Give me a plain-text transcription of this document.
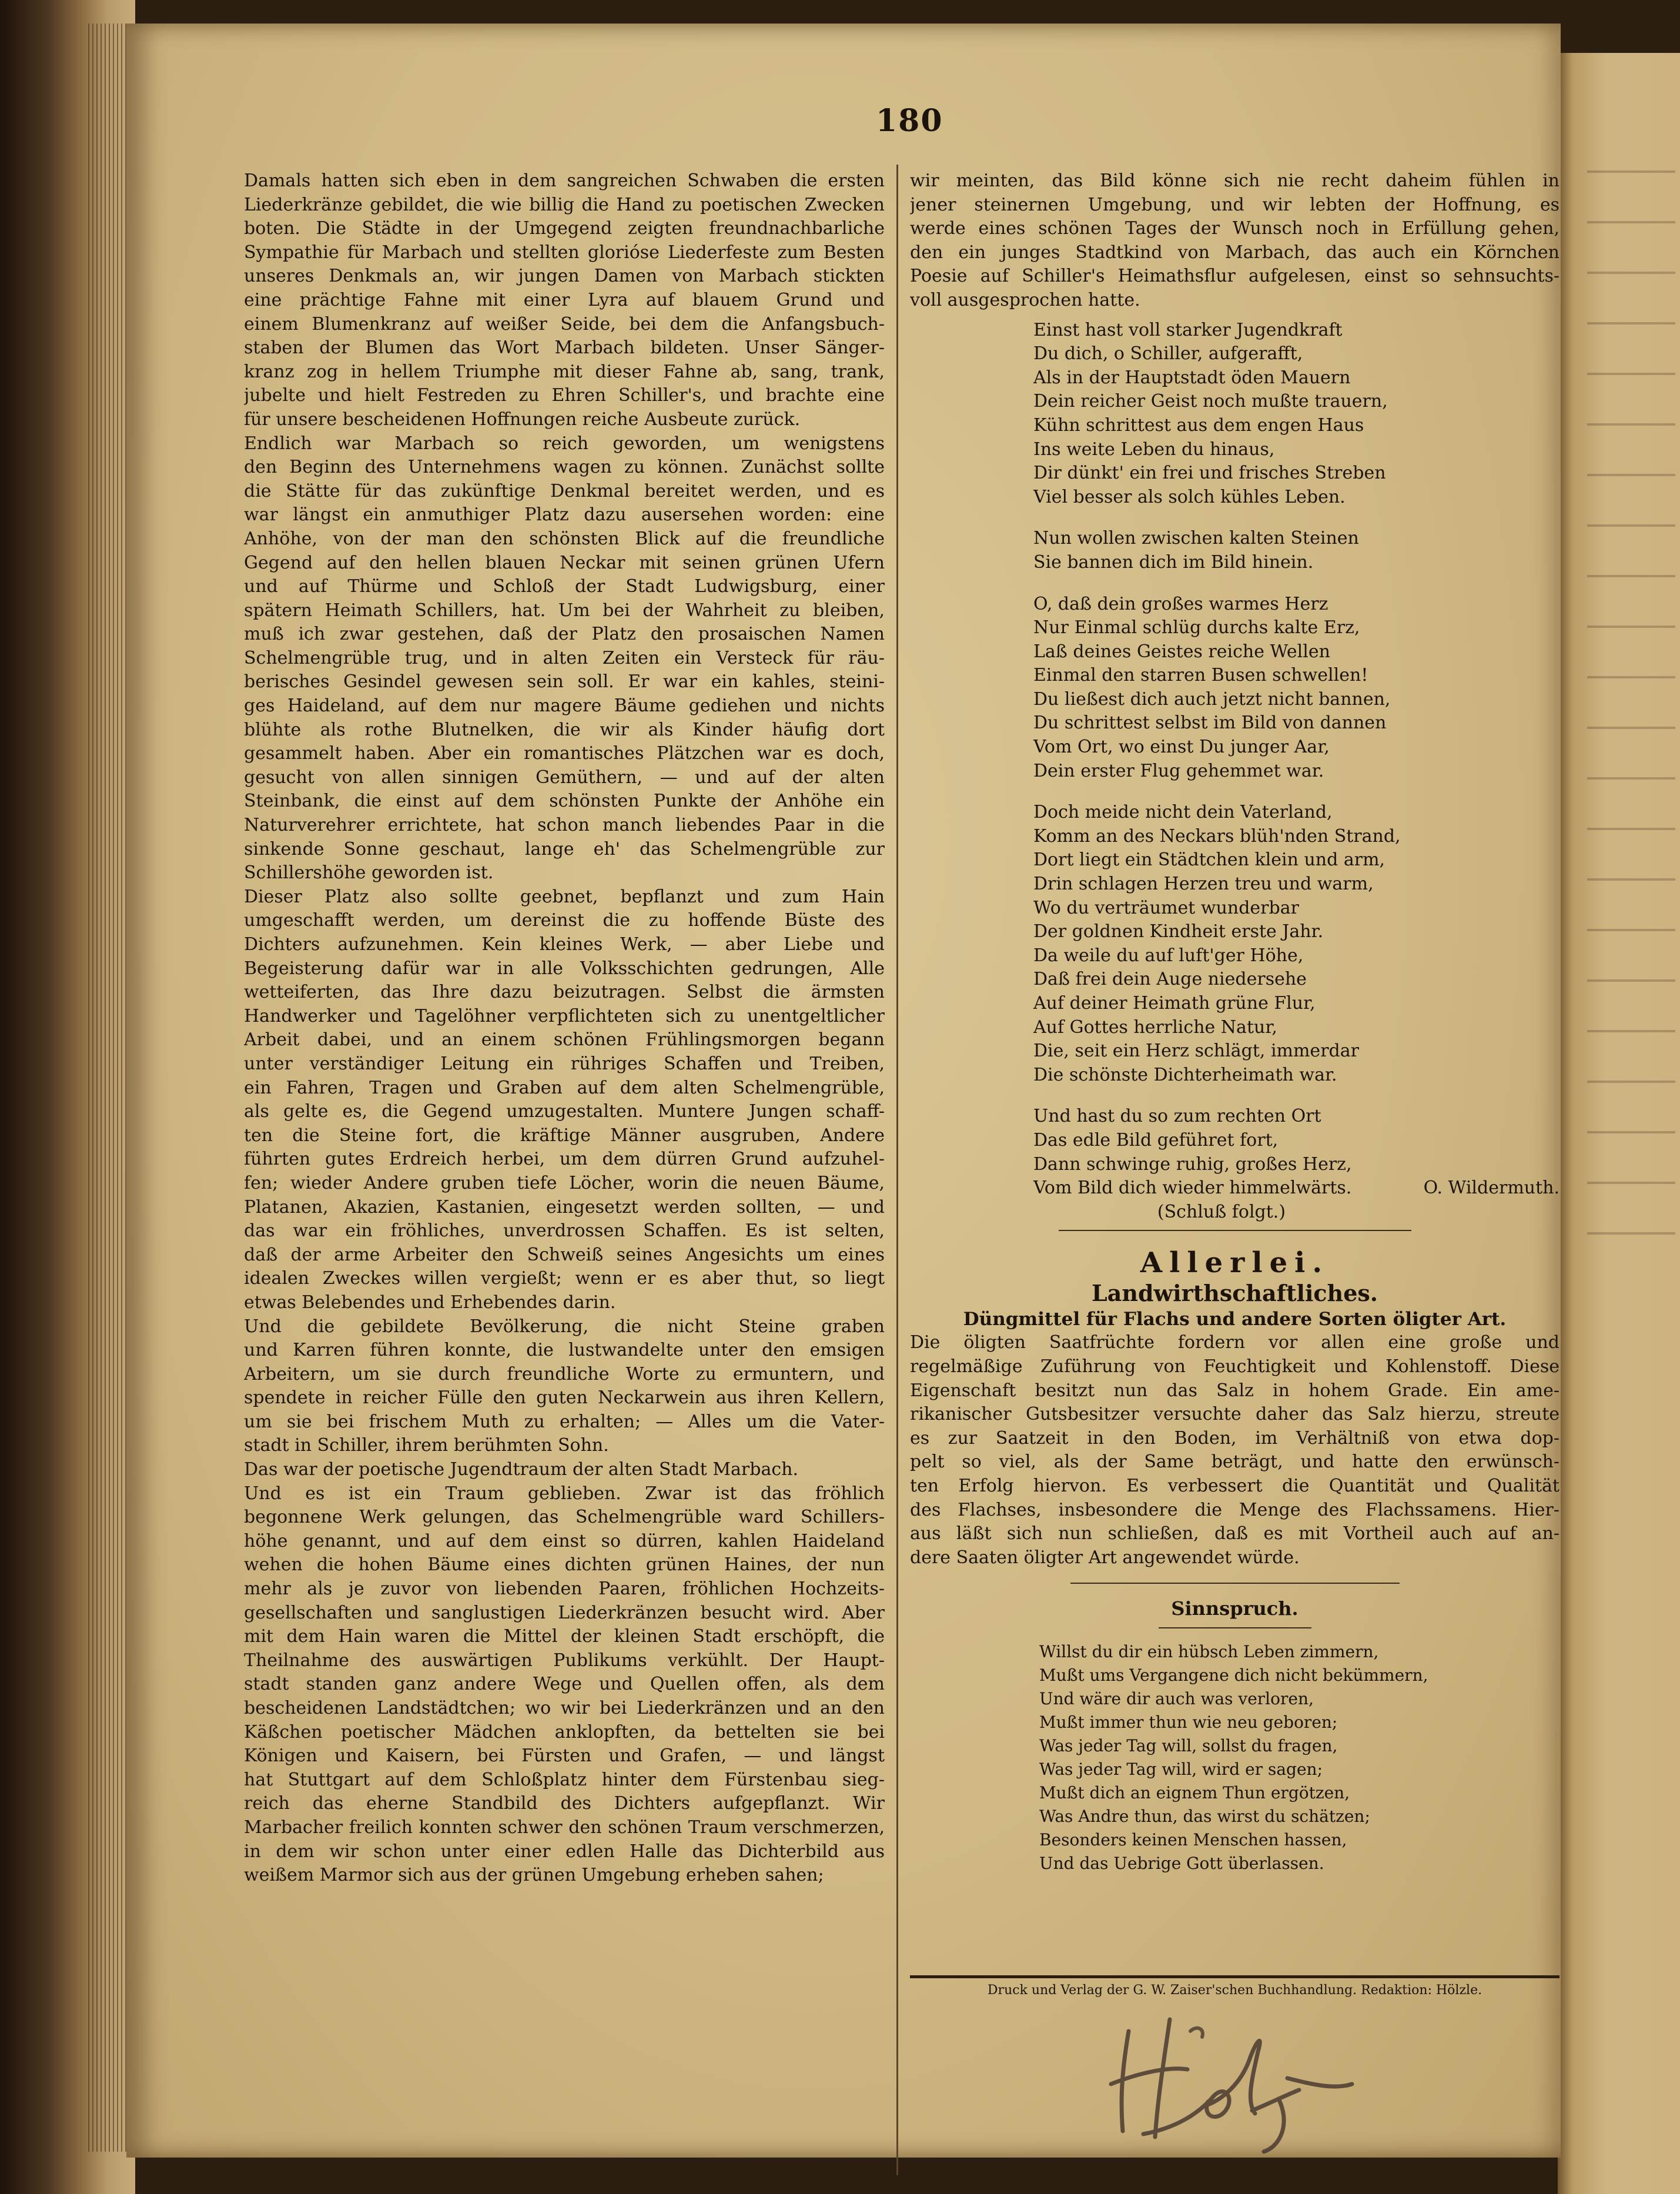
180
Damals hatten sich eben in dem sangreichen Schwaben die ersten
Liederkränze gebildet, die wie billig die Hand zu poetischen Zwecken
boten. Die Städte in der Umgegend zeigten freundnachbarliche
Sympathie für Marbach und stellten glorióse Liederfeste zum Besten
unseres Denkmals an, wir jungen Damen von Marbach stickten
eine prächtige Fahne mit einer Lyra auf blauem Grund und
einem Blumenkranz auf weißer Seide, bei dem die Anfangsbuch-
staben der Blumen das Wort Marbach bildeten. Unser Sänger-
kranz zog in hellem Triumphe mit dieser Fahne ab, sang, trank,
jubelte und hielt Festreden zu Ehren Schiller's, und brachte eine
für unsere bescheidenen Hoffnungen reiche Ausbeute zurück.
Endlich war Marbach so reich geworden, um wenigstens
den Beginn des Unternehmens wagen zu können. Zunächst sollte
die Stätte für das zukünftige Denkmal bereitet werden, und es
war längst ein anmuthiger Platz dazu ausersehen worden: eine
Anhöhe, von der man den schönsten Blick auf die freundliche
Gegend auf den hellen blauen Neckar mit seinen grünen Ufern
und auf Thürme und Schloß der Stadt Ludwigsburg, einer
spätern Heimath Schillers, hat. Um bei der Wahrheit zu bleiben,
muß ich zwar gestehen, daß der Platz den prosaischen Namen
Schelmengrüble trug, und in alten Zeiten ein Versteck für räu-
berisches Gesindel gewesen sein soll. Er war ein kahles, steini-
ges Haideland, auf dem nur magere Bäume gediehen und nichts
blühte als rothe Blutnelken, die wir als Kinder häufig dort
gesammelt haben. Aber ein romantisches Plätzchen war es doch,
gesucht von allen sinnigen Gemüthern, — und auf der alten
Steinbank, die einst auf dem schönsten Punkte der Anhöhe ein
Naturverehrer errichtete, hat schon manch liebendes Paar in die
sinkende Sonne geschaut, lange eh' das Schelmengrüble zur
Schillershöhe geworden ist.
Dieser Platz also sollte geebnet, bepflanzt und zum Hain
umgeschafft werden, um dereinst die zu hoffende Büste des
Dichters aufzunehmen. Kein kleines Werk, — aber Liebe und
Begeisterung dafür war in alle Volksschichten gedrungen, Alle
wetteiferten, das Ihre dazu beizutragen. Selbst die ärmsten
Handwerker und Tagelöhner verpflichteten sich zu unentgeltlicher
Arbeit dabei, und an einem schönen Frühlingsmorgen begann
unter verständiger Leitung ein rühriges Schaffen und Treiben,
ein Fahren, Tragen und Graben auf dem alten Schelmengrüble,
als gelte es, die Gegend umzugestalten. Muntere Jungen schaff-
ten die Steine fort, die kräftige Männer ausgruben, Andere
führten gutes Erdreich herbei, um dem dürren Grund aufzuhel-
fen; wieder Andere gruben tiefe Löcher, worin die neuen Bäume,
Platanen, Akazien, Kastanien, eingesetzt werden sollten, — und
das war ein fröhliches, unverdrossen Schaffen. Es ist selten,
daß der arme Arbeiter den Schweiß seines Angesichts um eines
idealen Zweckes willen vergießt; wenn er es aber thut, so liegt
etwas Belebendes und Erhebendes darin.
Und die gebildete Bevölkerung, die nicht Steine graben
und Karren führen konnte, die lustwandelte unter den emsigen
Arbeitern, um sie durch freundliche Worte zu ermuntern, und
spendete in reicher Fülle den guten Neckarwein aus ihren Kellern,
um sie bei frischem Muth zu erhalten; — Alles um die Vater-
stadt in Schiller, ihrem berühmten Sohn.
Das war der poetische Jugendtraum der alten Stadt Marbach.
Und es ist ein Traum geblieben. Zwar ist das fröhlich
begonnene Werk gelungen, das Schelmengrüble ward Schillers-
höhe genannt, und auf dem einst so dürren, kahlen Haideland
wehen die hohen Bäume eines dichten grünen Haines, der nun
mehr als je zuvor von liebenden Paaren, fröhlichen Hochzeits-
gesellschaften und sanglustigen Liederkränzen besucht wird. Aber
mit dem Hain waren die Mittel der kleinen Stadt erschöpft, die
Theilnahme des auswärtigen Publikums verkühlt. Der Haupt-
stadt standen ganz andere Wege und Quellen offen, als dem
bescheidenen Landstädtchen; wo wir bei Liederkränzen und an den
Käßchen poetischer Mädchen anklopften, da bettelten sie bei
Königen und Kaisern, bei Fürsten und Grafen, — und längst
hat Stuttgart auf dem Schloßplatz hinter dem Fürstenbau sieg-
reich das eherne Standbild des Dichters aufgepflanzt. Wir
Marbacher freilich konnten schwer den schönen Traum verschmerzen,
in dem wir schon unter einer edlen Halle das Dichterbild aus
weißem Marmor sich aus der grünen Umgebung erheben sahen;
wir meinten, das Bild könne sich nie recht daheim fühlen in
jener steinernen Umgebung, und wir lebten der Hoffnung, es
werde eines schönen Tages der Wunsch noch in Erfüllung gehen,
den ein junges Stadtkind von Marbach, das auch ein Körnchen
Poesie auf Schiller's Heimathsflur aufgelesen, einst so sehnsuchts-
voll ausgesprochen hatte.
Einst hast voll starker Jugendkraft
Du dich, o Schiller, aufgerafft,
Als in der Hauptstadt öden Mauern
Dein reicher Geist noch mußte trauern,
Kühn schrittest aus dem engen Haus
Ins weite Leben du hinaus,
Dir dünkt' ein frei und frisches Streben
Viel besser als solch kühles Leben.
Nun wollen zwischen kalten Steinen
Sie bannen dich im Bild hinein.
O, daß dein großes warmes Herz
Nur Einmal schlüg durchs kalte Erz,
Laß deines Geistes reiche Wellen
Einmal den starren Busen schwellen!
Du ließest dich auch jetzt nicht bannen,
Du schrittest selbst im Bild von dannen
Vom Ort, wo einst Du junger Aar,
Dein erster Flug gehemmet war.
Doch meide nicht dein Vaterland,
Komm an des Neckars blüh'nden Strand,
Dort liegt ein Städtchen klein und arm,
Drin schlagen Herzen treu und warm,
Wo du verträumet wunderbar
Der goldnen Kindheit erste Jahr.
Da weile du auf luft'ger Höhe,
Daß frei dein Auge niedersehe
Auf deiner Heimath grüne Flur,
Auf Gottes herrliche Natur,
Die, seit ein Herz schlägt, immerdar
Die schönste Dichterheimath war.
Und hast du so zum rechten Ort
Das edle Bild geführet fort,
Dann schwinge ruhig, großes Herz,
Vom Bild dich wieder himmelwärts.	O. Wildermuth.
(Schluß folgt.)
Allerlei.
Landwirthschaftliches.
Düngmittel für Flachs und andere Sorten öligter Art.
Die öligten Saatfrüchte fordern vor allen eine große und
regelmäßige Zuführung von Feuchtigkeit und Kohlenstoff. Diese
Eigenschaft besitzt nun das Salz in hohem Grade. Ein ame-
rikanischer Gutsbesitzer versuchte daher das Salz hierzu, streute
es zur Saatzeit in den Boden, im Verhältniß von etwa dop-
pelt so viel, als der Same beträgt, und hatte den erwünsch-
ten Erfolg hiervon. Es verbessert die Quantität und Qualität
des Flachses, insbesondere die Menge des Flachssamens. Hier-
aus läßt sich nun schließen, daß es mit Vortheil auch auf an-
dere Saaten öligter Art angewendet würde.
Sinnspruch.
Willst du dir ein hübsch Leben zimmern,
Mußt ums Vergangene dich nicht bekümmern,
Und wäre dir auch was verloren,
Mußt immer thun wie neu geboren;
Was jeder Tag will, sollst du fragen,
Was jeder Tag will, wird er sagen;
Mußt dich an eignem Thun ergötzen,
Was Andre thun, das wirst du schätzen;
Besonders keinen Menschen hassen,
Und das Uebrige Gott überlassen.
Druck und Verlag der G. W. Zaiser'schen Buchhandlung. Redaktion: Hölzle.
